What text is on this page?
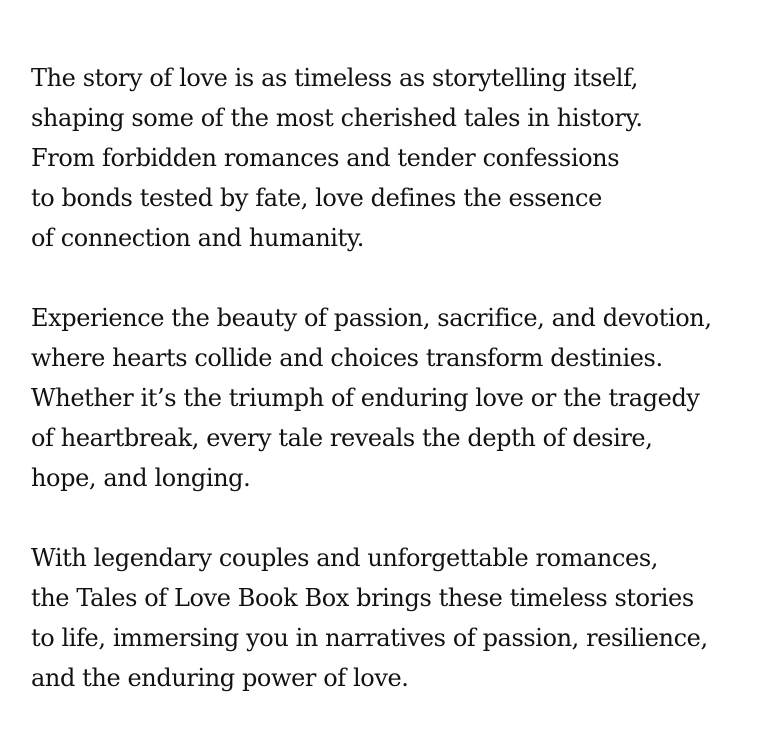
The story of love is as timeless as storytelling itself,
shaping some of the most cherished tales in history.
From forbidden romances and tender confessions
to bonds tested by fate, love defines the essence
of connection and humanity.

Experience the beauty of passion, sacrifice, and devotion,
where hearts collide and choices transform destinies.
Whether it’s the triumph of enduring love or the tragedy
of heartbreak, every tale reveals the depth of desire,
hope, and longing.

With legendary couples and unforgettable romances,
the Tales of Love Book Box brings these timeless stories
to life, immersing you in narratives of passion, resilience,
and the enduring power of love.
